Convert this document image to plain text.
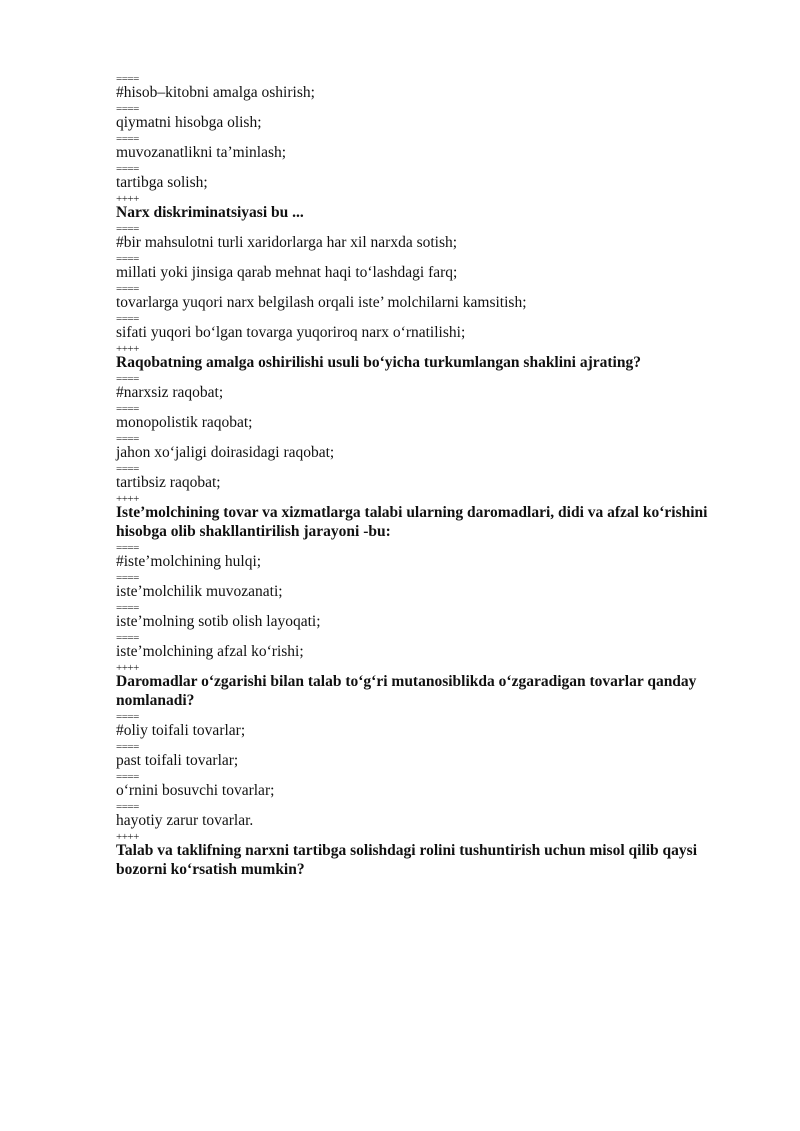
====
#hisob–kitobni amalga oshirish;
====
qiymatni hisobga olish;
====
muvozanatlikni ta’minlash;
====
tartibga solish;
++++
Narx diskriminatsiyasi bu ...
====
#bir mahsulotni turli xaridorlarga har xil narxda sotish;
====
millati yoki jinsiga qarab mehnat haqi to‘lashdagi farq;
====
tovarlarga yuqori narx belgilash orqali iste’ molchilarni kamsitish;
====
sifati yuqori bo‘lgan tovarga yuqoriroq narx o‘rnatilishi;
++++
Raqobatning amalga oshirilishi usuli bo‘yicha turkumlangan shaklini ajrating?
====
#narxsiz raqobat;
====
monopolistik raqobat;
====
jahon xo‘jaligi doirasidagi raqobat;
====
tartibsiz raqobat;
++++
Iste’molchining tovar va xizmatlarga talabi ularning daromadlari, didi va afzal ko‘rishini hisobga olib shakllantirilish jarayoni -bu:
====
#iste’molchining hulqi;
====
iste’molchilik muvozanati;
====
iste’molning sotib olish layoqati;
====
iste’molchining afzal ko‘rishi;
++++
Daromadlar o‘zgarishi bilan talab to‘g‘ri mutanosiblikda o‘zgaradigan tovarlar qanday nomlanadi?
====
#oliy toifali tovarlar;
====
past toifali tovarlar;
====
o‘rnini bosuvchi tovarlar;
====
hayotiy zarur tovarlar.
++++
Talab va taklifning narxni tartibga solishdagi rolini tushuntirish uchun misol qilib qaysi bozorni ko‘rsatish mumkin?
